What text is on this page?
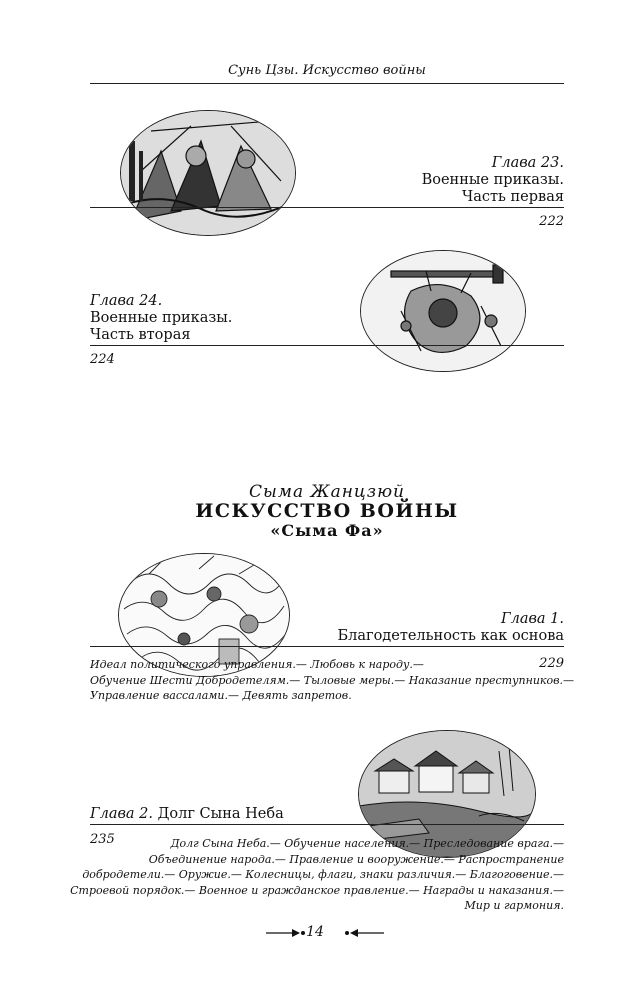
Сунь Цзы. Искусство войны
Глава 23.
Военные приказы.
Часть первая
222
Глава 24.
Военные приказы.
Часть вторая
224
Сыма Жанцзюй
ИСКУССТВО ВОЙНЫ
«Сыма Фа»
Глава 1.
Благодетельность как основа
229
Идеал политического управления.— Любовь к народу.—
Обучение Шести Добродетелям.— Тыловые меры.— Наказание преступников.—
Управление вассалами.— Девять запретов.
Глава 2. Долг Сына Неба
235	Долг Сына Неба.— Обучение населения.— Преследование врага.—
Объединение народа.— Правление и вооружение.— Распространение
добродетели.— Оружие.— Колесницы, флаги, знаки различия.— Благоговение.—
Строевой порядок.— Военное и гражданское правление.— Награды и наказания.—
Мир и гармония.
14
